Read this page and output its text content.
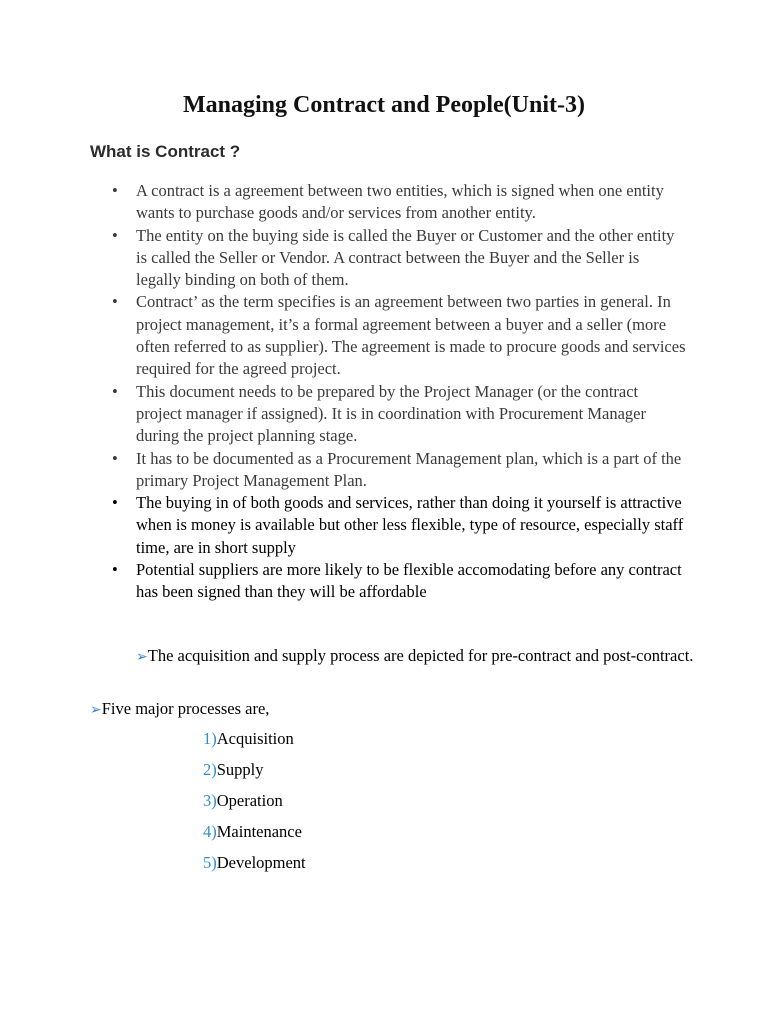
Managing Contract and People(Unit-3)
What is Contract ?
• A contract is a agreement between two entities, which is signed when one entity wants to purchase goods and/or services from another entity.
• The entity on the buying side is called the Buyer or Customer and the other entity is called the Seller or Vendor. A contract between the Buyer and the Seller is legally binding on both of them.
• Contract’ as the term specifies is an agreement between two parties in general. In project management, it’s a formal agreement between a buyer and a seller (more often referred to as supplier). The agreement is made to procure goods and services required for the agreed project.
• This document needs to be prepared by the Project Manager (or the contract project manager if assigned). It is in coordination with Procurement Manager during the project planning stage.
• It has to be documented as a Procurement Management plan, which is a part of the primary Project Management Plan.
• The buying in of both goods and services, rather than doing it yourself is attractive when is money is available but other less flexible, type of resource, especially staff time, are in short supply
• Potential suppliers are more likely to be flexible accomodating before any contract has been signed than they will be affordable

➢The acquisition and supply process are depicted for pre-contract and post-contract.

➢Five major processes are,

1)Acquisition
2)Supply
3)Operation
4)Maintenance
5)Development
